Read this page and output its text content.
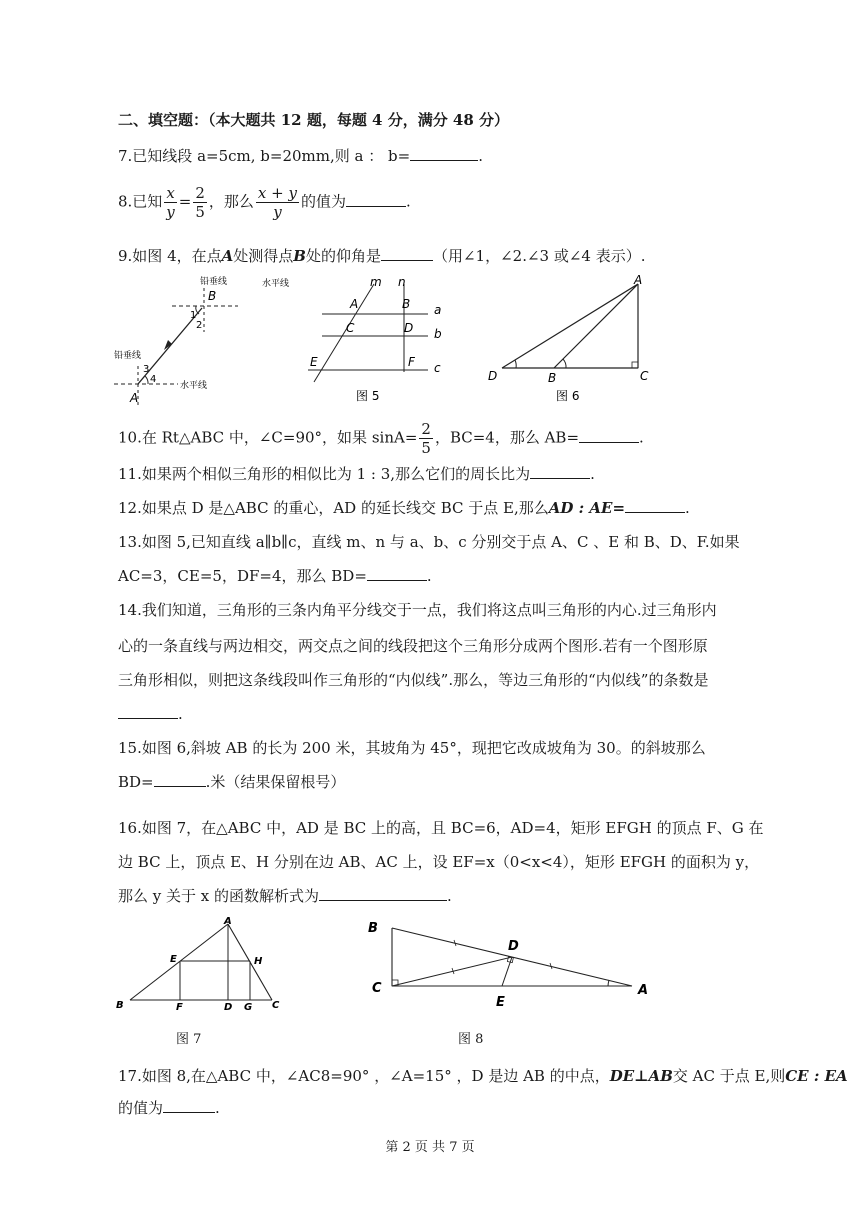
二、填空题：（本大题共 12 题，每题 4 分，满分 48 分）
7.已知线段 a=5cm, b=20mm,则 a ： b=	.
8.已知 $\frac{x}{y} = \frac{2}{5}$ ，那么 $\frac{x + y}{y}$ 的值为	.
9.如图 4，在点A处测得点B处的仰角是	（用∠1，∠2.∠3 或∠4 表示）.
铅垂线
B
1
2
铅垂线
3
4
水平线
A
水平线	m n
A	B
C	D
a
b
E	F c
图 5
A
D	B	C
图 6
10.在 Rt△ABC 中，∠C=90°，如果 $\sin A= \frac{2}{5}$ ，BC=4，那么 AB=	.
11.如果两个相似三角形的相似比为 1 : 3,那么它们的周长比为	.
12.如果点 D 是△ABC 的重心，AD 的延长线交 BC 于点 E,那么AD : AE=	.
13.如图 5,已知直线 a∥b∥c，直线 m、n 与 a、b、c 分别交于点 A、C 、E 和 B、D、F.如果
AC=3，CE=5，DF=4，那么 BD=	.
14.我们知道，三角形的三条内角平分线交于一点，我们将这点叫三角形的内心.过三角形内
心的一条直线与两边相交，两交点之间的线段把这个三角形分成两个图形.若有一个图形原
三角形相似，则把这条线段叫作三角形的“内似线”.那么，等边三角形的“内似线”的条数是
.
15.如图 6,斜坡 AB 的长为 200 米，其坡角为 45°，现把它改成坡角为 30。的斜坡那么
BD=	.米（结果保留根号）
16.如图 7，在△ABC 中，AD 是 BC 上的高，且 BC=6，AD=4，矩形 EFGH 的顶点 F、G 在
边 BC 上，顶点 E、H 分别在边 AB、AC 上，设 EF=x（0<x<4），矩形 EFGH 的面积为 y，
那么 y 关于 x 的函数解析式为	.
A
E	H
B	F	D G C
图 7
B
D
C
E
A
图 8
17.如图 8,在△ABC 中，∠AC8=90° ，∠A=15° ，D 是边 AB 的中点，DE⊥AB交 AC 于点 E,则CE : EA
的值为	.
第 2 页 共 7 页
